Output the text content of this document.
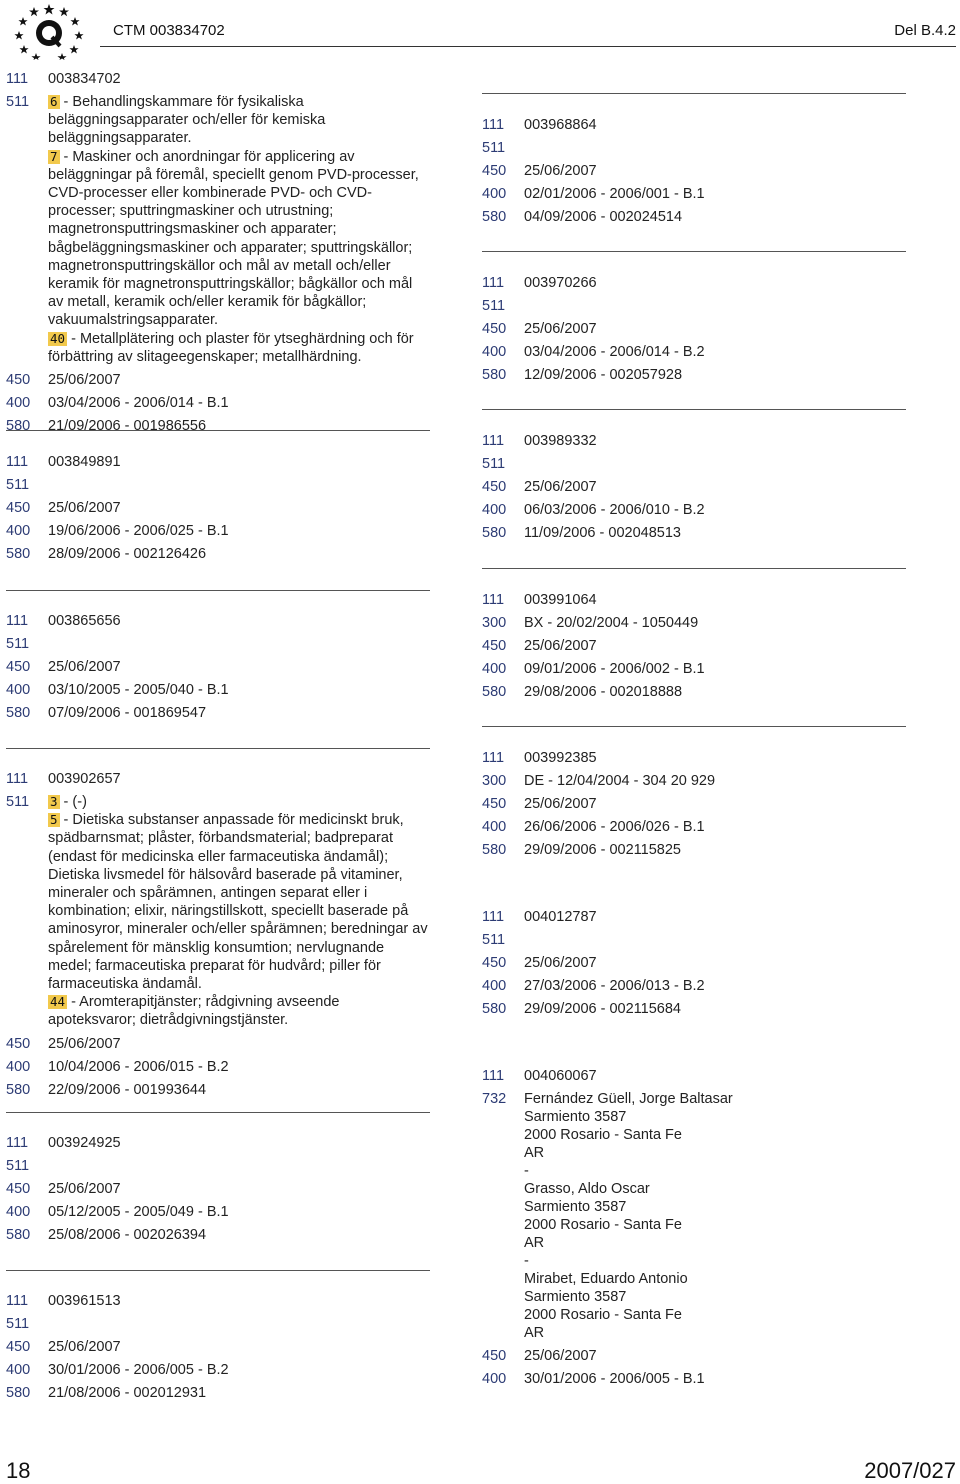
CTM 003834702	Del B.4.2
111	003834702
511	6 - Behandlingskammare för fysikaliska beläggningsapparater och/eller för kemiska beläggningsapparater.
7 - Maskiner och anordningar för applicering av beläggningar på föremål, speciellt genom PVD-processer, CVD-processer eller kombinerade PVD- och CVD- processer; sputtringmaskiner och utrustning; magnetronsputtringsmaskiner och apparater; bågbeläggningsmaskiner och apparater; sputtringskällor; magnetronsputtringskällor och mål av metall och/eller keramik för magnetronsputtringskällor; bågkällor och mål av metall, keramik och/eller keramik för bågkällor; vakuumalstringsapparater.
40 - Metallplätering och plaster för ytseghärdning och för förbättring av slitageegenskaper; metallhärdning.
450	25/06/2007
400	03/04/2006 - 2006/014 - B.1
580	21/09/2006 - 001986556
111	003849891
511
450	25/06/2007
400	19/06/2006 - 2006/025 - B.1
580	28/09/2006 - 002126426
111	003865656
511
450	25/06/2007
400	03/10/2005 - 2005/040 - B.1
580	07/09/2006 - 001869547
111	003902657
511	3 - (-)
5 - Dietiska substanser anpassade för medicinskt bruk, spädbarnsmat; plåster, förbandsmaterial; badpreparat (endast för medicinska eller farmaceutiska ändamål); Dietiska livsmedel för hälsovård baserade på vitaminer, mineraler och spårämnen, antingen separat eller i kombination; elixir, näringstillskott, speciellt baserade på aminosyror, mineraler och/eller spårämnen; beredningar av spårelement för mänsklig konsumtion; nervlugnande medel; farmaceutiska preparat för hudvård; piller för farmaceutiska ändamål.
44 - Aromterapitjänster; rådgivning avseende apoteksvaror; dietrådgivningstjänster.
450	25/06/2007
400	10/04/2006 - 2006/015 - B.2
580	22/09/2006 - 001993644
111	003924925
511
450	25/06/2007
400	05/12/2005 - 2005/049 - B.1
580	25/08/2006 - 002026394
111	003961513
511
450	25/06/2007
400	30/01/2006 - 2006/005 - B.2
580	21/08/2006 - 002012931
111	003968864
511
450	25/06/2007
400	02/01/2006 - 2006/001 - B.1
580	04/09/2006 - 002024514
111	003970266
511
450	25/06/2007
400	03/04/2006 - 2006/014 - B.2
580	12/09/2006 - 002057928
111	003989332
511
450	25/06/2007
400	06/03/2006 - 2006/010 - B.2
580	11/09/2006 - 002048513
111	003991064
300	BX - 20/02/2004 - 1050449
450	25/06/2007
400	09/01/2006 - 2006/002 - B.1
580	29/08/2006 - 002018888
111	003992385
300	DE - 12/04/2004 - 304 20 929
450	25/06/2007
400	26/06/2006 - 2006/026 - B.1
580	29/09/2006 - 002115825
111	004012787
511
450	25/06/2007
400	27/03/2006 - 2006/013 - B.2
580	29/09/2006 - 002115684
111	004060067
732	Fernández Güell, Jorge Baltasar
Sarmiento 3587
2000 Rosario - Santa Fe
AR
-
Grasso, Aldo Oscar
Sarmiento 3587
2000 Rosario - Santa Fe
AR
-
Mirabet, Eduardo Antonio
Sarmiento 3587
2000 Rosario - Santa Fe
AR
450	25/06/2007
400	30/01/2006 - 2006/005 - B.1
18	2007/027
